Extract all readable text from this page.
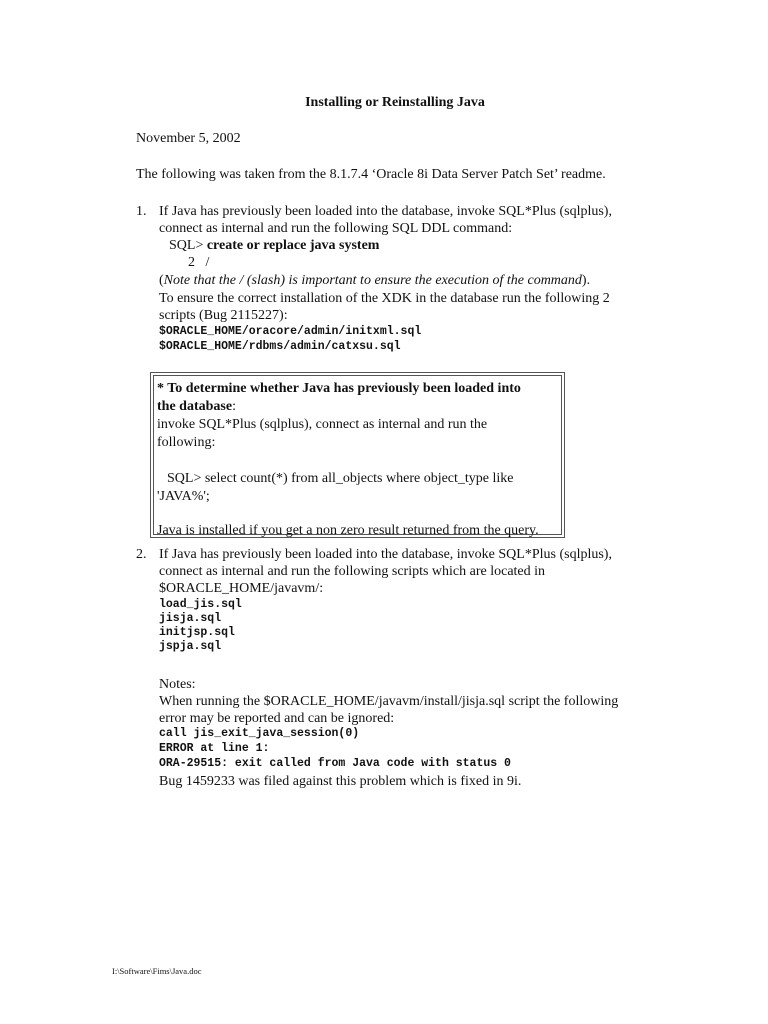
Installing or Reinstalling Java
November 5, 2002
The following was taken from the 8.1.7.4 ‘Oracle 8i Data Server Patch Set’ readme.
1. If Java has previously been loaded into the database, invoke SQL*Plus (sqlplus),
connect as internal and run the following SQL DDL command:
SQL> create or replace java system
2 /
(Note that the / (slash) is important to ensure the execution of the command).
To ensure the correct installation of the XDK in the database run the following 2
scripts (Bug 2115227):
$ORACLE_HOME/oracore/admin/initxml.sql
$ORACLE_HOME/rdbms/admin/catxsu.sql
* To determine whether Java has previously been loaded into
the database:
invoke SQL*Plus (sqlplus), connect as internal and run the
following:
SQL> select count(*) from all_objects where object_type like
'JAVA%';
Java is installed if you get a non zero result returned from the query.
2. If Java has previously been loaded into the database, invoke SQL*Plus (sqlplus),
connect as internal and run the following scripts which are located in
$ORACLE_HOME/javavm/:
load_jis.sql
jisja.sql
initjsp.sql
jspja.sql
Notes:
When running the $ORACLE_HOME/javavm/install/jisja.sql script the following
error may be reported and can be ignored:
call jis_exit_java_session(0)
ERROR at line 1:
ORA-29515: exit called from Java code with status 0
Bug 1459233 was filed against this problem which is fixed in 9i.
I:\Software\Fims\Java.doc
